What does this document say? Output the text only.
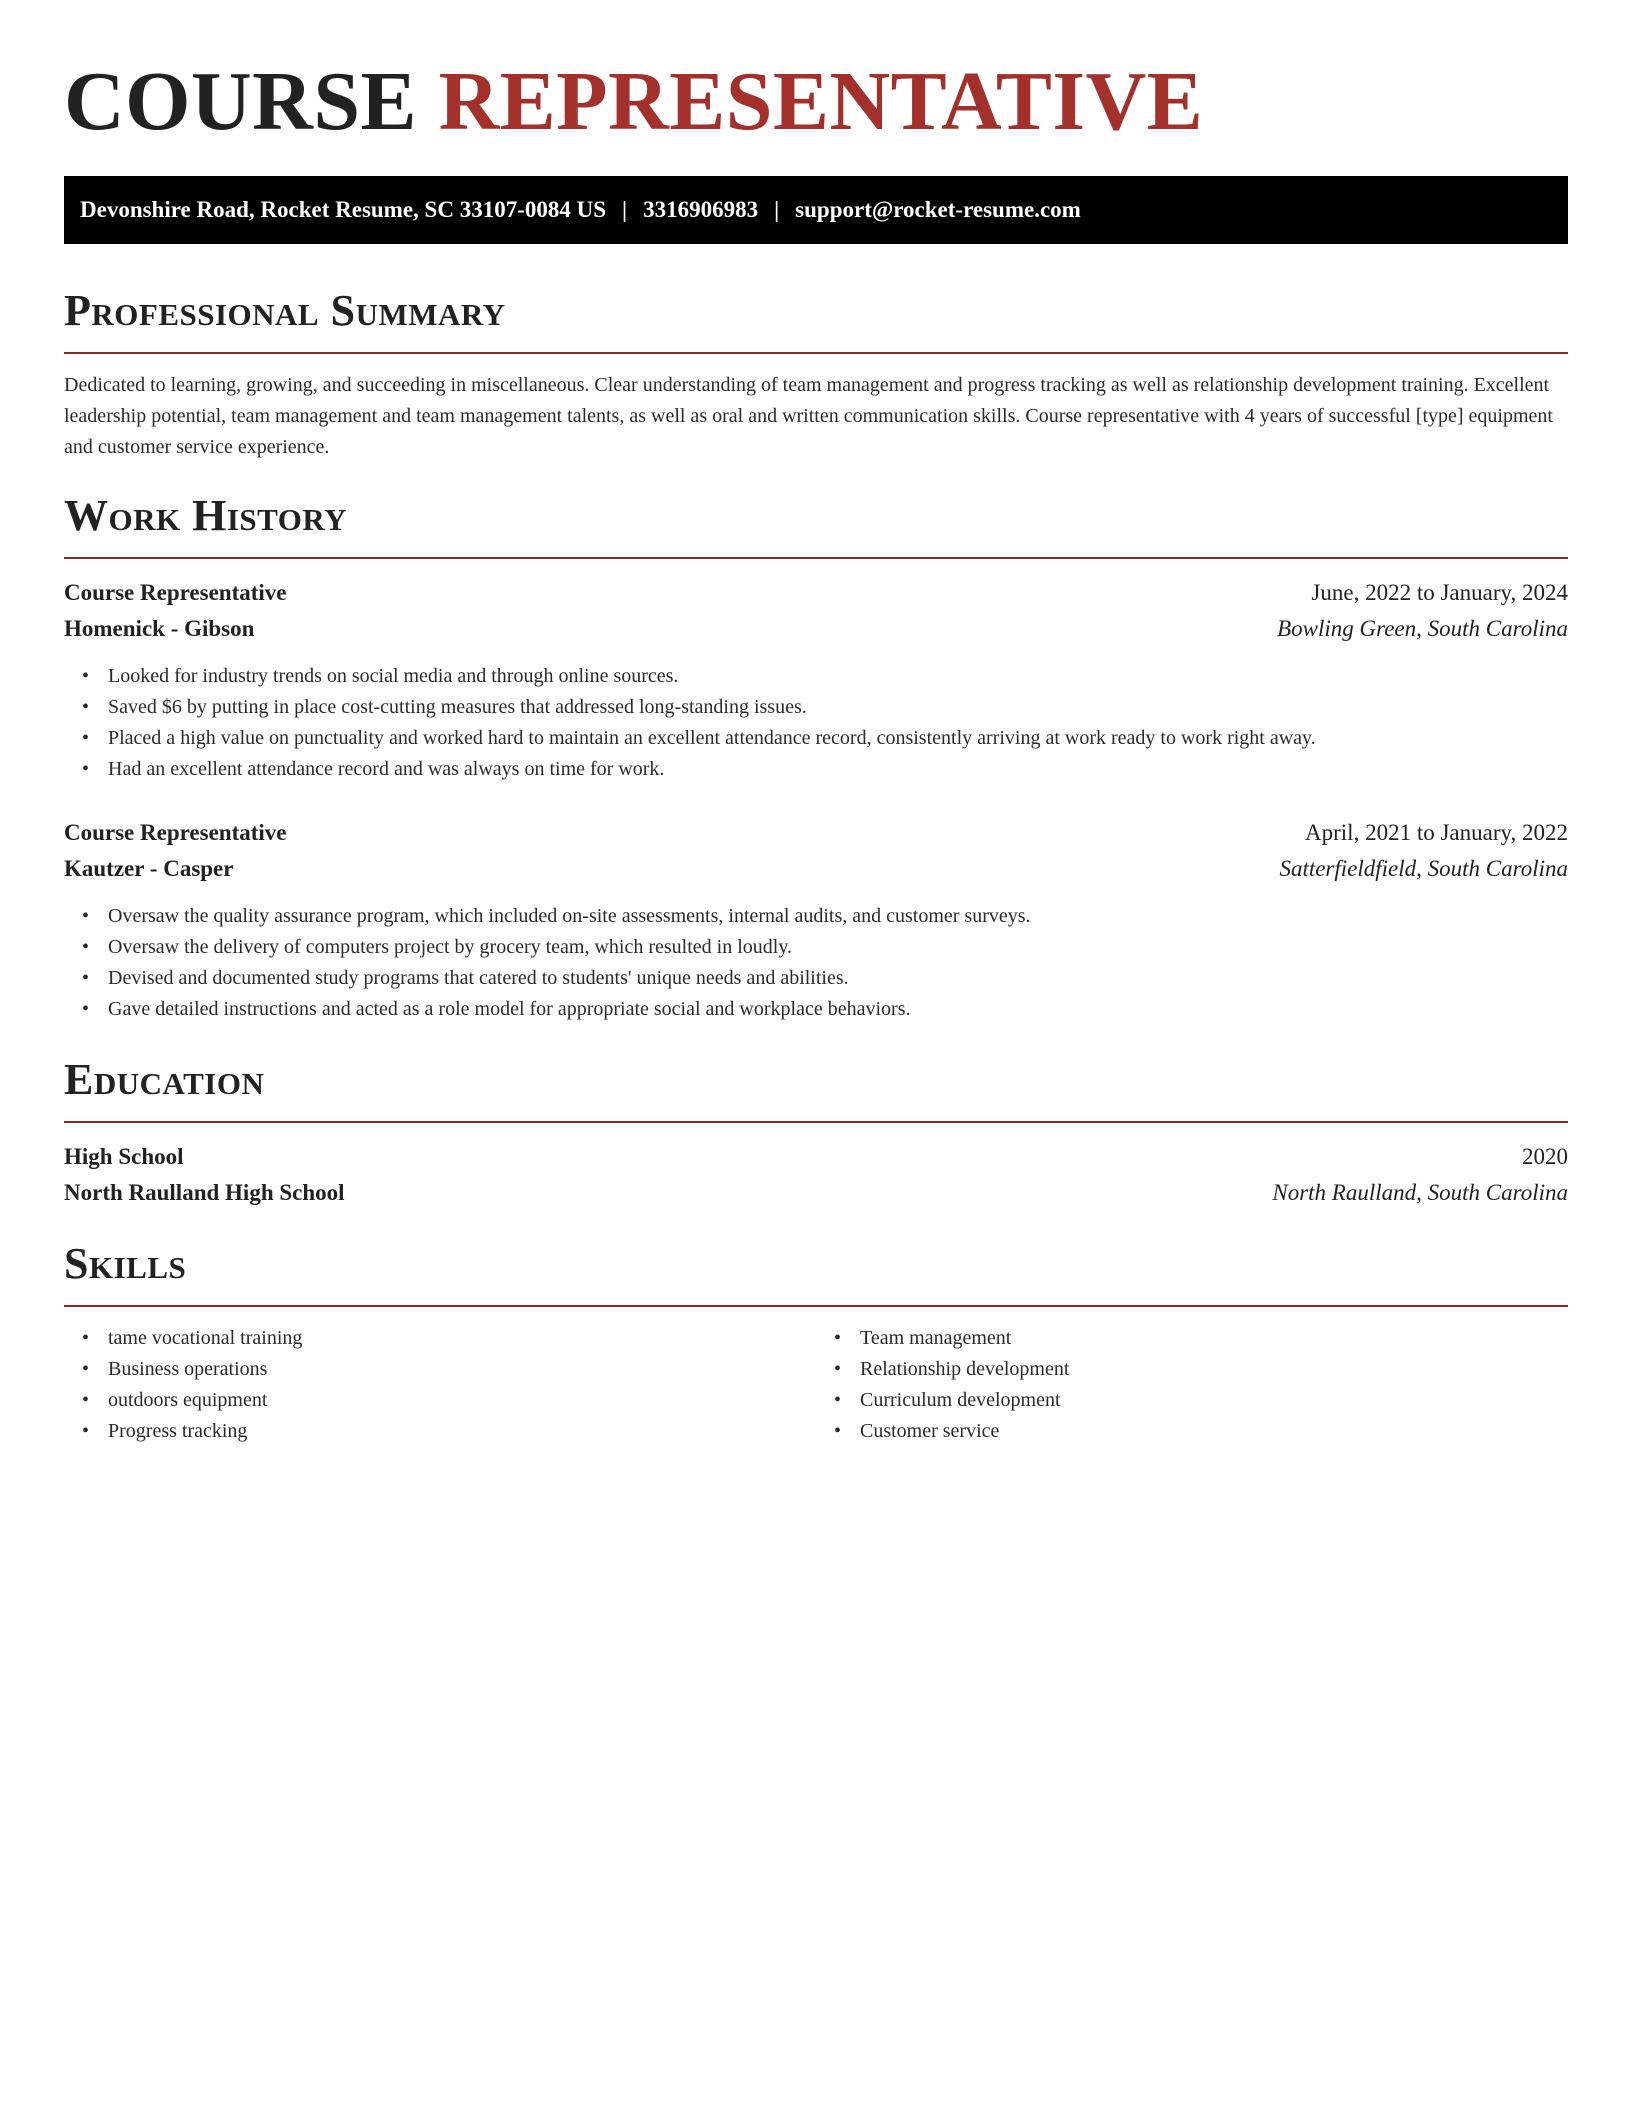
COURSE REPRESENTATIVE
Devonshire Road, Rocket Resume, SC 33107-0084 US | 3316906983 | support@rocket-resume.com
Professional Summary

Dedicated to learning, growing, and succeeding in miscellaneous. Clear understanding of team management and progress tracking as well as relationship development training. Excellent leadership potential, team management and team management talents, as well as oral and written communication skills. Course representative with 4 years of successful [type] equipment and customer service experience.

Work History
Course Representative	June, 2022 to January, 2024
Homenick - Gibson	Bowling Green, South Carolina
• Looked for industry trends on social media and through online sources.
• Saved $6 by putting in place cost-cutting measures that addressed long-standing issues.
• Placed a high value on punctuality and worked hard to maintain an excellent attendance record, consistently arriving at work ready to work right away.
• Had an excellent attendance record and was always on time for work.
Course Representative	April, 2021 to January, 2022
Kautzer - Casper	Satterfieldfield, South Carolina
• Oversaw the quality assurance program, which included on-site assessments, internal audits, and customer surveys.
• Oversaw the delivery of computers project by grocery team, which resulted in loudly.
• Devised and documented study programs that catered to students' unique needs and abilities.
• Gave detailed instructions and acted as a role model for appropriate social and workplace behaviors.
Education
High School	2020
North Raulland High School	North Raulland, South Carolina
Skills
• tame vocational training
• Business operations
• outdoors equipment
• Progress tracking
• Team management
• Relationship development
• Curriculum development
• Customer service
